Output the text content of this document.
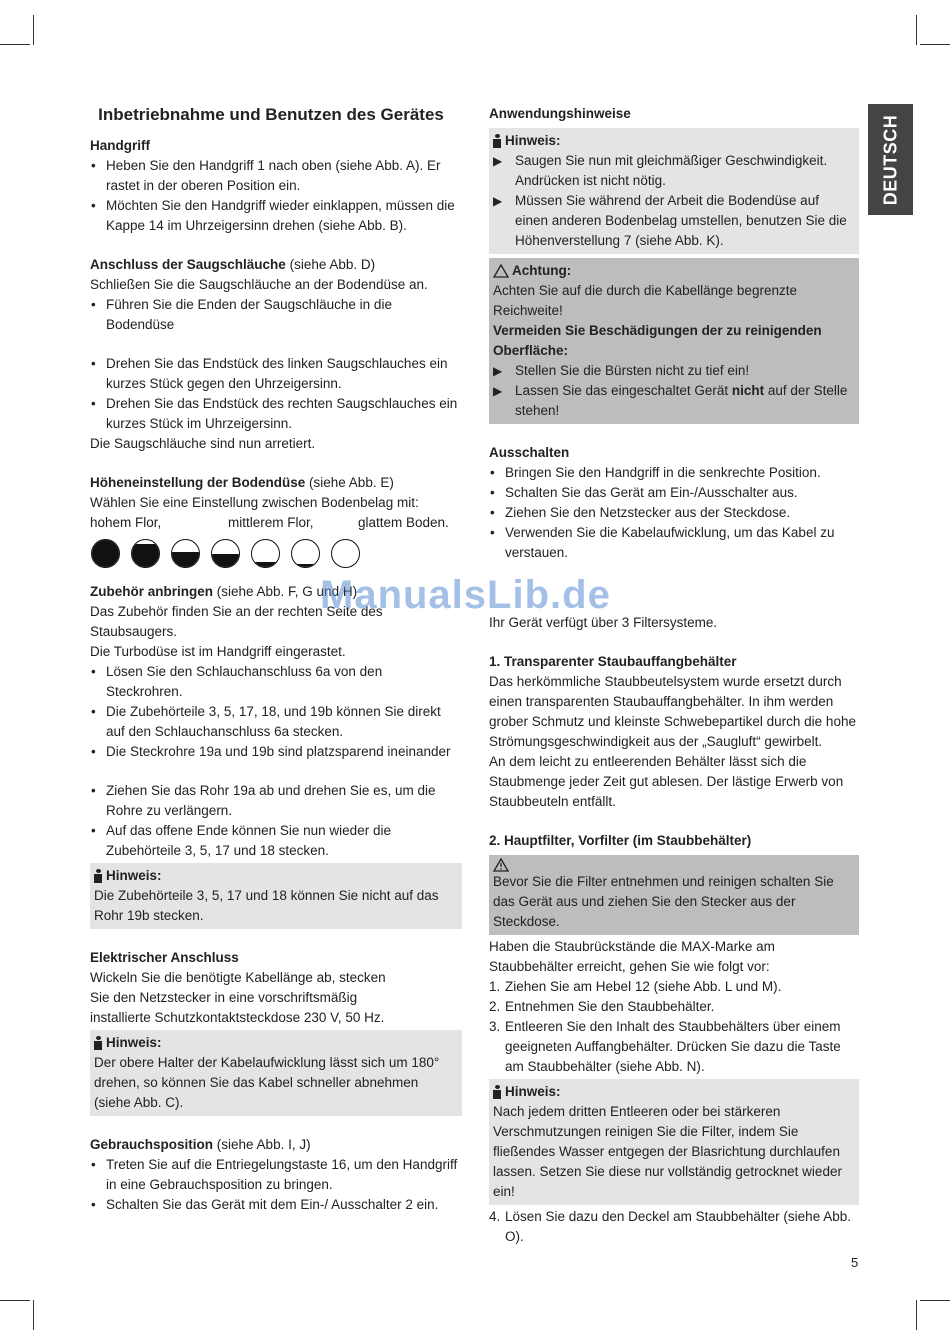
DEUTSCH
Inbetriebnahme und Benutzen des Gerätes
Handgriff
• Heben Sie den Handgriff 1 nach oben (siehe Abb. A). Er rastet in der oberen Position ein.
• Möchten Sie den Handgriff wieder einklappen, müssen die Kappe 14 im Uhrzeigersinn drehen (siehe Abb. B).
Anschluss der Saugschläuche (siehe Abb. D)

Schließen Sie die Saugschläuche an der Bodendüse an.

• Führen Sie die Enden der Saugschläuche in die Bodendüse
• Drehen Sie das Endstück des linken Saugschlauches ein kurzes Stück gegen den Uhrzeigersinn.
• Drehen Sie das Endstück des rechten Saugschlauches ein kurzes Stück im Uhrzeigersinn.

Die Saugschläuche sind nun arretiert.

Höheneinstellung der Bodendüse (siehe Abb. E)

Wählen Sie eine Einstellung zwischen Bodenbelag mit:

hohem Flor,	mittlerem Flor,	glattem Boden.
Zubehör anbringen (siehe Abb. F, G und H)

Das Zubehör finden Sie an der rechten Seite des Staubsaugers.

Die Turbodüse ist im Handgriff eingerastet.

• Lösen Sie den Schlauchanschluss 6a von den Steckrohren.
• Die Zubehörteile 3, 5, 17, 18, und 19b können Sie direkt auf den Schlauchanschluss 6a stecken.
• Die Steckrohre 19a und 19b sind platzsparend ineinander
• Ziehen Sie das Rohr 19a ab und drehen Sie es, um die Rohre zu verlängern.
• Auf das offene Ende können Sie nun wieder die Zubehörteile 3, 5, 17 und 18 stecken.
Hinweis:

Die Zubehörteile 3, 5, 17 und 18 können Sie nicht auf das Rohr 19b stecken.

Elektrischer Anschluss

Wickeln Sie die benötigte Kabellänge ab, stecken Sie den Netzstecker in eine vorschriftsmäßig installierte Schutzkontaktsteckdose 230 V, 50 Hz.

Hinweis:

Der obere Halter der Kabelaufwicklung lässt sich um 180° drehen, so können Sie das Kabel schneller abnehmen (siehe Abb. C).

Gebrauchsposition (siehe Abb. I, J)
• Treten Sie auf die Entriegelungstaste 16, um den Handgriff in eine Gebrauchsposition zu bringen.
• Schalten Sie das Gerät mit dem Ein-/ Ausschalter 2 ein.
Anwendungshinweise
Hinweis:
▶ Saugen Sie nun mit gleichmäßiger Geschwindigkeit. Andrücken ist nicht nötig.
▶ Müssen Sie während der Arbeit die Bodendüse auf einen anderen Bodenbelag umstellen, benutzen Sie die Höhenverstellung 7 (siehe Abb. K).
Achtung:

Achten Sie auf die durch die Kabellänge begrenzte Reichweite!

Vermeiden Sie Beschädigungen der zu reinigenden Oberfläche:

▶ Stellen Sie die Bürsten nicht zu tief ein!
▶ Lassen Sie das eingeschaltet Gerät nicht auf der Stelle stehen!
Ausschalten
• Bringen Sie den Handgriff in die senkrechte Position.
• Schalten Sie das Gerät am Ein-/Ausschalter aus.
• Ziehen Sie den Netzstecker aus der Steckdose.
• Verwenden Sie die Kabelaufwicklung, um das Kabel zu verstauen.

Ihr Gerät verfügt über 3 Filtersysteme.

1. Transparenter Staubauffangbehälter

Das herkömmliche Staubbeutelsystem wurde ersetzt durch einen transparenten Staubauffangbehälter. In ihm werden grober Schmutz und kleinste Schwebepartikel durch die hohe Strömungsgeschwindigkeit aus der „Saugluft“ gewirbelt.

An dem leicht zu entleerenden Behälter lässt sich die Staubmenge jeder Zeit gut ablesen. Der lästige Erwerb von Staubbeuteln entfällt.

2. Hauptfilter, Vorfilter (im Staubbehälter)

Bevor Sie die Filter entnehmen und reinigen schalten Sie das Gerät aus und ziehen Sie den Stecker aus der Steckdose.

Haben die Staubrückstände die MAX-Marke am Staubbehälter erreicht, gehen Sie wie folgt vor:

1. Ziehen Sie am Hebel 12 (siehe Abb. L und M).
2. Entnehmen Sie den Staubbehälter.
3. Entleeren Sie den Inhalt des Staubbehälters über einem geeigneten Auffangbehälter. Drücken Sie dazu die Taste am Staubbehälter (siehe Abb. N).
Hinweis:

Nach jedem dritten Entleeren oder bei stärkeren Verschmutzungen reinigen Sie die Filter, indem Sie fließendes Wasser entgegen der Blasrichtung durchlaufen lassen. Setzen Sie diese nur vollständig getrocknet wieder ein!

4. Lösen Sie dazu den Deckel am Staubbehälter (siehe Abb. O).
ManualsLib.de
5
